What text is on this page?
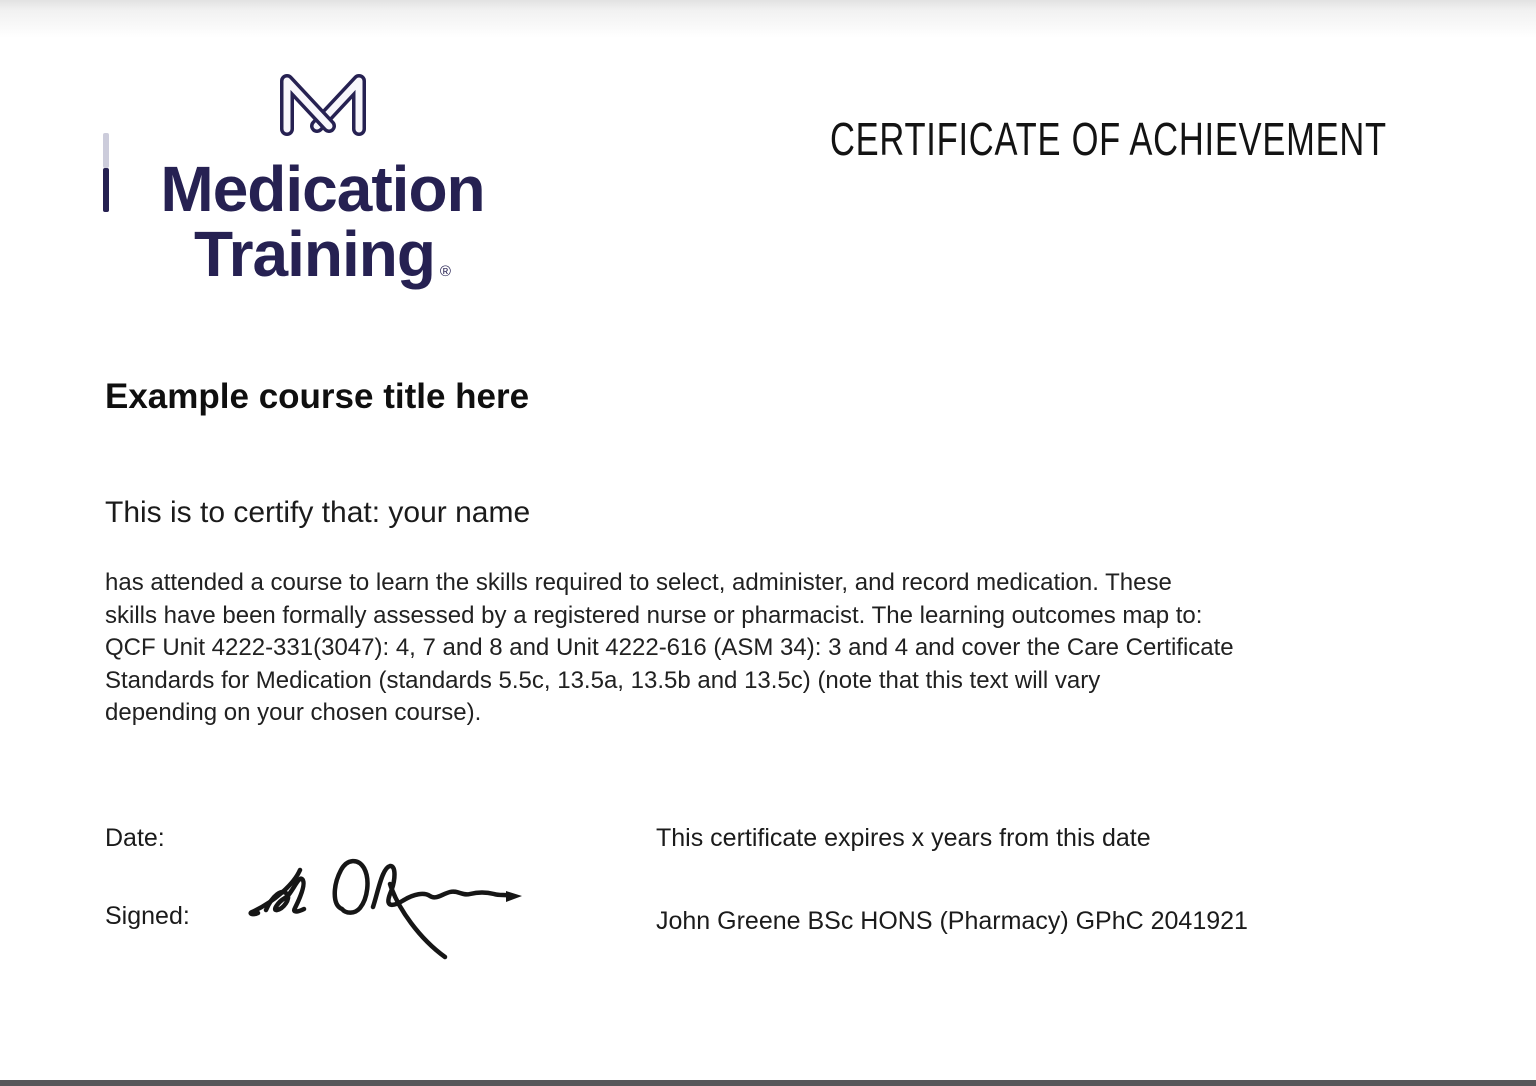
Medication
Training ®
CERTIFICATE OF ACHIEVEMENT
Example course title here
This is to certify that: your name
has attended a course to learn the skills required to select, administer, and record medication. These
skills have been formally assessed by a registered nurse or pharmacist. The learning outcomes map to:
QCF Unit 4222-331(3047): 4, 7 and 8 and Unit 4222-616 (ASM 34): 3 and 4 and cover the Care Certificate
Standards for Medication (standards 5.5c, 13.5a, 13.5b and 13.5c) (note that this text will vary
depending on your chosen course).
Date:	This certificate expires x years from this date
Signed:	John Greene BSc HONS (Pharmacy) GPhC 2041921
